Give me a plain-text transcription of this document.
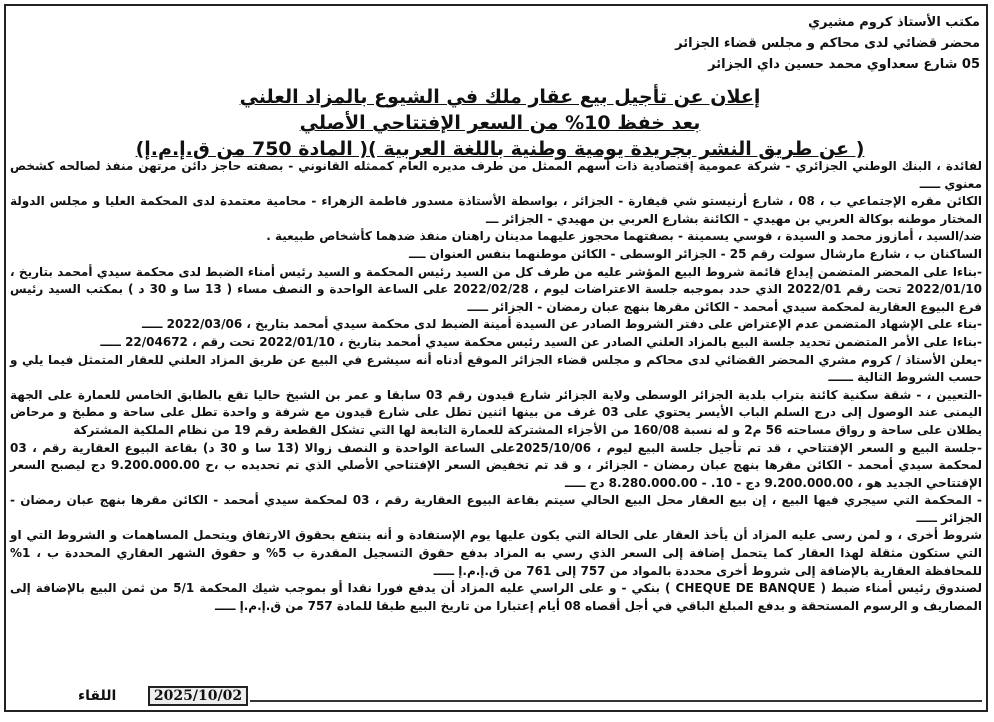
مكتب الأستاذ كروم مشيري
محضر قضائي لدى محاكم و مجلس قضاء الجزائر
05 شارع سعداوي محمد حسين داي الجزائر
إعلان عن تأجيل بيع عقار ملك في الشيوع بالمزاد العلني
بعد خفظ 10% من السعر الإفتتاحي الأصلي
( عن طريق النشر بجريدة يومية وطنية باللغة العربية )( المادة 750 من ق.إ.م.إ)

لفائدة ، البنك الوطني الجزائري - شركة عمومية إقتصادية ذات أسهم الممثل من طرف مديره العام كممثله القانوني - بصفته حاجز دائن مرتهن منفذ لصالحه كشخص معنوي ـــــ

الكائن مقره الإجتماعي ب ، 08 ، شارع أرنيستو شي قيفارة - الجزائر ، بواسطة الأستاذة مسدور فاطمة الزهراء - محامية معتمدة لدى المحكمة العليا و مجلس الدولة المختار موطنه بوكالة العربي بن مهيدي - الكائنة بشارع العربي بن مهيدي - الجزائر ـــ

ضد/السيد ، أمازوز محمد و السيدة ، فوسي يسمينة - بصفتهما محجوز عليهما مدينان راهنان منفذ ضدهما كأشخاص طبيعية .

الساكنان ب ، شارع مارشال سولت رقم 25 - الجزائر الوسطى - الكائن موطنهما بنفس العنوان ــــ

-بناءا على المحضر المتضمن إيداع قائمة شروط البيع المؤشر عليه من طرف كل من السيد رئيس المحكمة و السيد رئيس أمناء الضبط لدى محكمة سيدي أمحمد بتاريخ ، 2022/01/10 تحت رقم 2022/01 الذي حدد بموجبه جلسة الاعتراضات ليوم ، 2022/02/28 على الساعة الواحدة و النصف مساء ( 13 سا و 30 د ) بمكتب السيد رئيس فرع البيوع العقارية لمحكمة سيدي أمحمد - الكائن مقرها بنهج عبان رمضان - الجزائر ـــــ

-بناء على الإشهاد المتضمن عدم الإعتراض على دفتر الشروط الصادر عن السيدة أمينة الضبط لدى محكمة سيدي أمحمد بتاريخ ، 2022/03/06 ـــــ

-بناءا على الأمر المتضمن تحديد جلسة البيع بالمزاد العلني الصادر عن السيد رئيس محكمة سيدي أمحمد بتاريخ ، 2022/01/10 تحت رقم ، 22/04672 ـــــ

-يعلن الأستاذ / كروم مشري المحضر القضائي لدى محاكم و مجلس قضاء الجزائر الموقع أدناه أنه سيشرع في البيع عن طريق المزاد العلني للعقار المتمثل فيما يلي و حسب الشروط التالية ــــــ

-التعيين ، - شقة سكنية كائنة بتراب بلدية الجزائر الوسطى ولاية الجزائر شارع قيدون رقم 03 سابقا و عمر بن الشيخ حاليا تقع بالطابق الخامس للعمارة على الجهة اليمنى عند الوصول إلى درج السلم الباب الأيسر يحتوي على 03 غرف من بينها اثنين تطل على شارع قيدون مع شرفة و واحدة تطل على ساحة و مطبخ و مرحاض يطلان على ساحة و رواق مساحته 56 م2 و له نسبة 160/08 من الأجزاء المشتركة للعمارة التابعة لها التي تشكل القطعة رقم 19 من نظام الملكية المشتركة

-جلسة البيع و السعر الإفتتاحي ، قد تم تأجيل جلسة البيع ليوم ، 2025/10/06على الساعة الواحدة و النصف زوالا (13 سا و 30 د) بقاعة البيوع العقارية رقم ، 03 لمحكمة سيدي أمحمد - الكائن مقرها بنهج عبان رمضان - الجزائر ، و قد تم تخفيض السعر الإفتتاحي الأصلي الذي تم تحديده ب ،ح 9.200.000.00 دج ليصبح السعر الإفتتاحي الجديد هو ، 9.200.000.00 دج - 10. - 8.280.000.00 دج ـــــ

- المحكمة التي سيجري فيها البيع ، إن بيع العقار محل البيع الحالي سيتم بقاعة البيوع العقارية رقم ، 03 لمحكمة سيدي أمحمد - الكائن مقرها بنهج عبان رمضان - الجزائر ـــــ

شروط أخرى ، و لمن رسى عليه المزاد أن يأخذ العقار على الحالة التي يكون عليها يوم الإستفادة و أنه ينتفع بحقوق الارتفاق ويتحمل المساهمات و الشروط التي او التي ستكون مثقلة لهذا العقار كما يتحمل إضافة إلى السعر الذي رسي به المزاد بدفع حقوق التسجيل المقدرة ب 5% و حقوق الشهر العقاري المحددة ب ، 1% للمحافظة العقارية بالإضافة إلى شروط أخرى محددة بالمواد من 757 إلى 761 من ق.إ.م.إ ـــــ

لصندوق رئيس أمناء ضبط ( CHEQUE DE BANQUE ) بنكي - و على الراسي عليه المزاد أن يدفع فورا نقدا أو بموجب شيك المحكمة 5/1 من ثمن البيع بالإضافة إلى المصاريف و الرسوم المستحقة و بدفع المبلغ الباقي في أجل أقصاه 08 أيام إعتبارا من تاريخ البيع طبقا للمادة 757 من ق.إ.م.إ ـــــ

اللقاء	2025/10/02
